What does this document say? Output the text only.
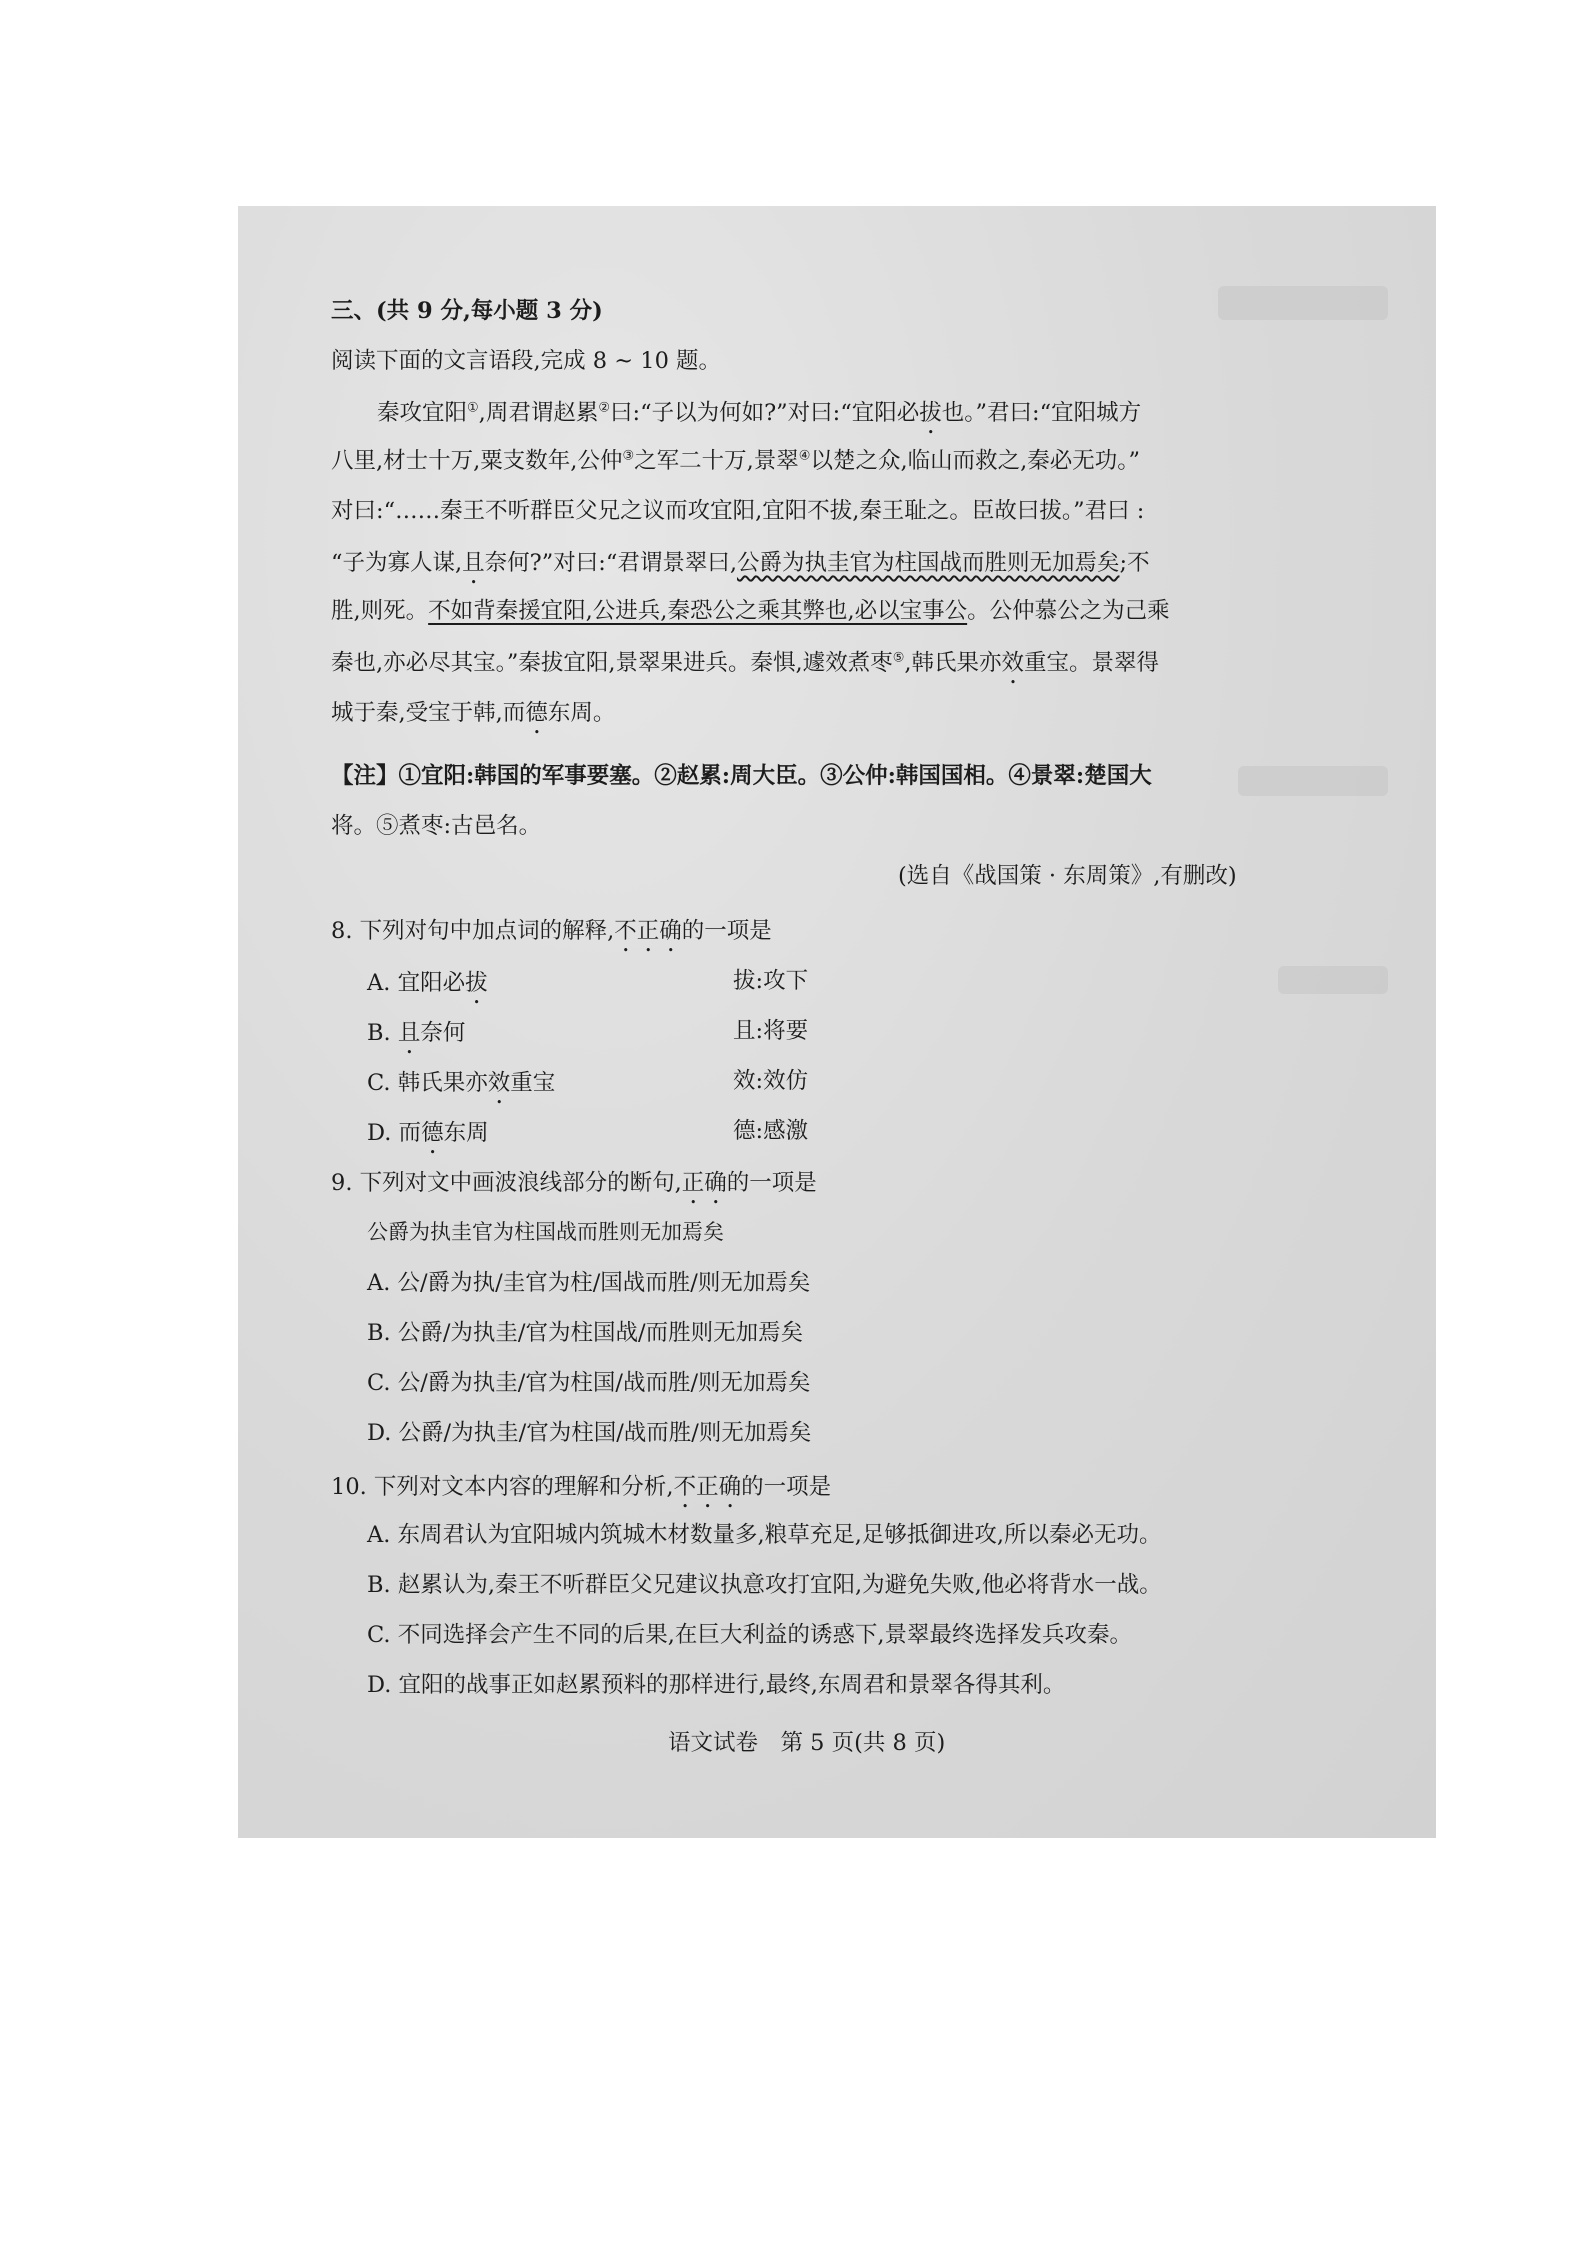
三、(共 9 分,每小题 3 分)
阅读下面的文言语段,完成 8 ~ 10 题。
秦攻宜阳①,周君谓赵累②曰:“子以为何如?”对曰:“宜阳必拔也。”君曰:“宜阳城方
八里,材士十万,粟支数年,公仲③之军二十万,景翠④以楚之众,临山而救之,秦必无功。”
对曰:“……秦王不听群臣父兄之议而攻宜阳,宜阳不拔,秦王耻之。臣故曰拔。”君曰 :
“子为寡人谋,且奈何?”对曰:“君谓景翠曰,公爵为执圭官为柱国战而胜则无加焉矣;不
胜,则死。不如背秦援宜阳,公进兵,秦恐公之乘其弊也,必以宝事公。公仲慕公之为己乘
秦也,亦必尽其宝。”秦拔宜阳,景翠果进兵。秦惧,遽效煮枣⑤,韩氏果亦效重宝。景翠得
城于秦,受宝于韩,而德东周。
【注】①宜阳:韩国的军事要塞。②赵累:周大臣。③公仲:韩国国相。④景翠:楚国大
将。⑤煮枣:古邑名。
(选自《战国策 · 东周策》,有删改)
8. 下列对句中加点词的解释,不正确的一项是
A. 宜阳必拔	拔:攻下
B. 且奈何	且:将要
C. 韩氏果亦效重宝	效:效仿
D. 而德东周	德:感激
9. 下列对文中画波浪线部分的断句,正确的一项是
公爵为执圭官为柱国战而胜则无加焉矣
A. 公/爵为执/圭官为柱/国战而胜/则无加焉矣
B. 公爵/为执圭/官为柱国战/而胜则无加焉矣
C. 公/爵为执圭/官为柱国/战而胜/则无加焉矣
D. 公爵/为执圭/官为柱国/战而胜/则无加焉矣
10. 下列对文本内容的理解和分析,不正确的一项是
A. 东周君认为宜阳城内筑城木材数量多,粮草充足,足够抵御进攻,所以秦必无功。
B. 赵累认为,秦王不听群臣父兄建议执意攻打宜阳,为避免失败,他必将背水一战。
C. 不同选择会产生不同的后果,在巨大利益的诱惑下,景翠最终选择发兵攻秦。
D. 宜阳的战事正如赵累预料的那样进行,最终,东周君和景翠各得其利。
语文试卷　第 5 页(共 8 页)
